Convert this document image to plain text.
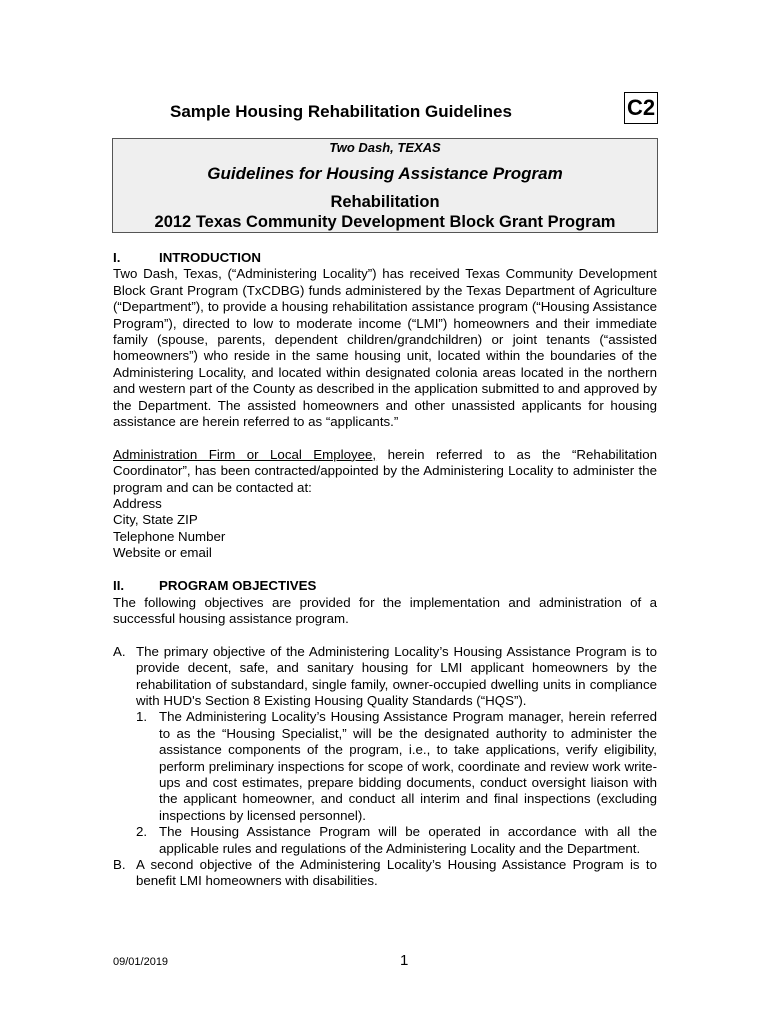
Sample Housing Rehabilitation Guidelines	C2
Two Dash, TEXAS
Guidelines for Housing Assistance Program
Rehabilitation
2012 Texas Community Development Block Grant Program
I.	INTRODUCTION

Two Dash, Texas, (“Administering Locality”) has received Texas Community Development Block Grant Program (TxCDBG) funds administered by the Texas Department of Agriculture (“Department”), to provide a housing rehabilitation assistance program (“Housing Assistance Program”), directed to low to moderate income (“LMI”) homeowners and their immediate family (spouse, parents, dependent children/grandchildren) or joint tenants (“assisted homeowners”) who reside in the same housing unit, located within the boundaries of the Administering Locality, and located within designated colonia areas located in the northern and western part of the County as described in the application submitted to and approved by the Department. The assisted homeowners and other unassisted applicants for housing assistance are herein referred to as “applicants.”

Administration Firm or Local Employee, herein referred to as the “Rehabilitation Coordinator”, has been contracted/appointed by the Administering Locality to administer the program and can be contacted at:

Address
City, State ZIP
Telephone Number
Website or email
II.	PROGRAM OBJECTIVES

The following objectives are provided for the implementation and administration of a successful housing assistance program.

A. The primary objective of the Administering Locality’s Housing Assistance Program is to provide decent, safe, and sanitary housing for LMI applicant homeowners by the rehabilitation of substandard, single family, owner-occupied dwelling units in compliance with HUD's Section 8 Existing Housing Quality Standards (“HQS”).
1. The Administering Locality’s Housing Assistance Program manager, herein referred to as the “Housing Specialist,” will be the designated authority to administer the assistance components of the program, i.e., to take applications, verify eligibility, perform preliminary inspections for scope of work, coordinate and review work write-ups and cost estimates, prepare bidding documents, conduct oversight liaison with the applicant homeowner, and conduct all interim and final inspections (excluding inspections by licensed personnel).
2. The Housing Assistance Program will be operated in accordance with all the applicable rules and regulations of the Administering Locality and the Department.
B. A second objective of the Administering Locality’s Housing Assistance Program is to benefit LMI homeowners with disabilities.
09/01/2019	1
